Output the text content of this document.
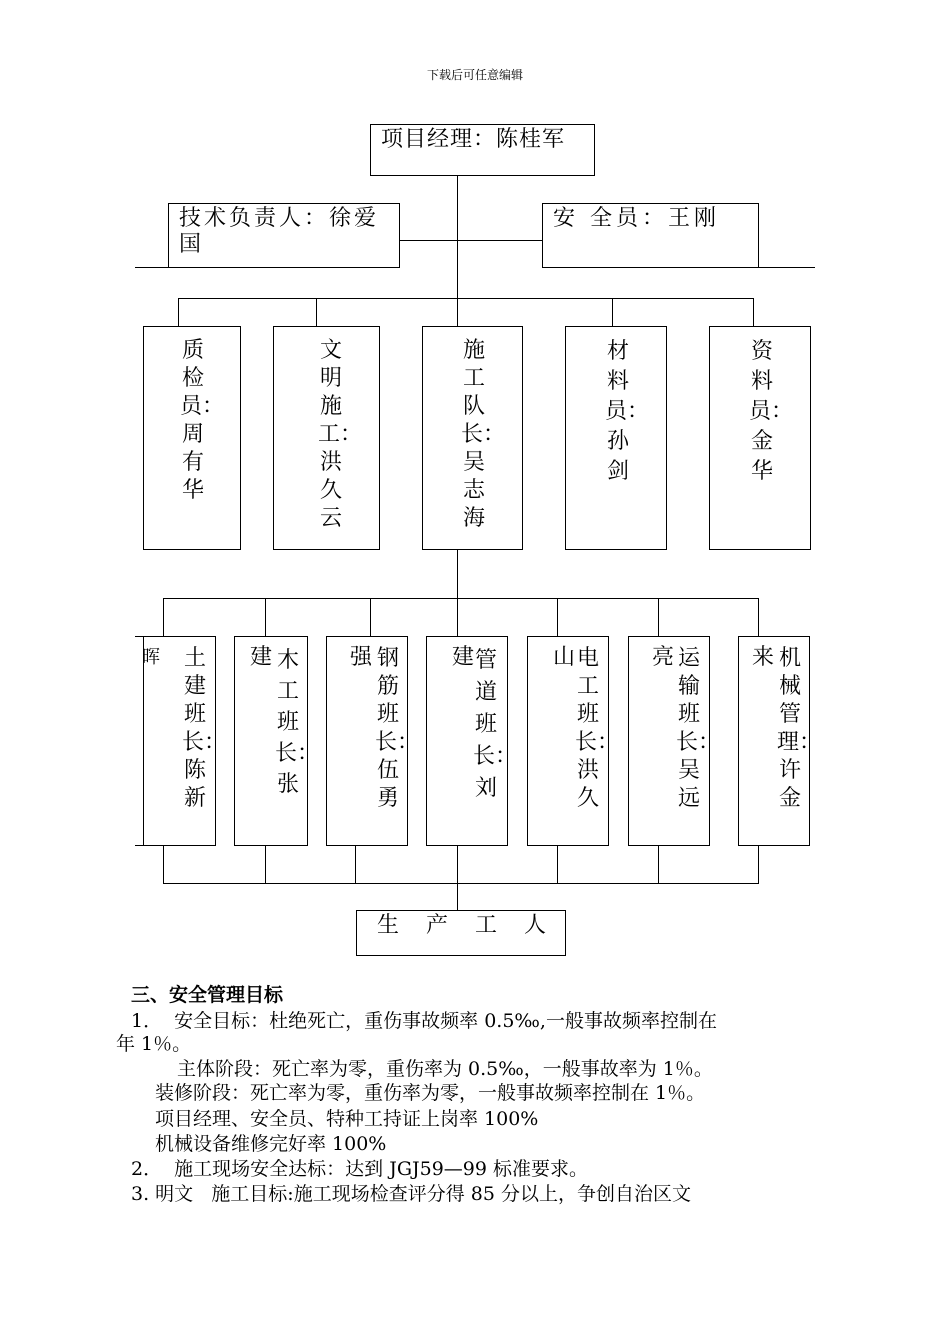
下载后可任意编辑
项目经理：陈桂军
技术负责人：徐爱
国
安 全员：王刚
质检员：周有华
文明施工：洪久云
施工队长：吴志海
材料员：孙 剑
资料员：金 华
土建班长：陈新
晖	木工班长：张
建	钢筋班长：伍勇
强	管道班长：刘
建	电工班长：洪久
山	运输班长：吴远
亮	机械管理：许金
来
生 产 工 人
三、安全管理目标
1．  安全目标：杜绝死亡，重伤事故频率 0.5‰,一般事故频率控制在
年 1％。
主体阶段：死亡率为零，重伤率为 0.5‰，一般事故率为 1％。
装修阶段：死亡率为零，重伤率为零，一般事故频率控制在 1％。
项目经理、安全员、特种工持证上岗率 100%
机械设备维修完好率 100%
2．  施工现场安全达标：达到 JGJ59—99 标准要求。
3. 明文   施工目标:施工现场检查评分得 85 分以上，争创自治区文
